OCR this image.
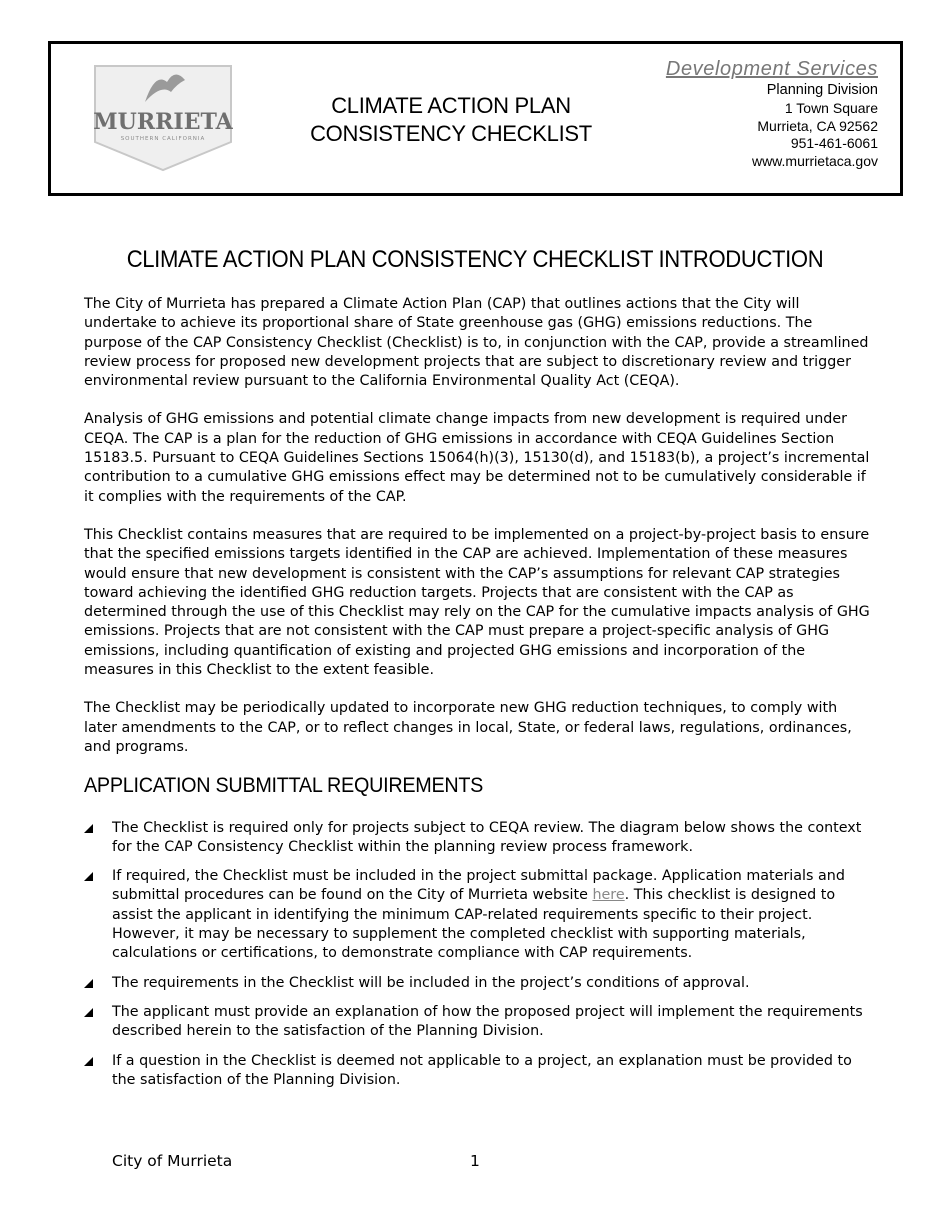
MURRIETA
SOUTHERN CALIFORNIA
CLIMATE ACTION PLAN
CONSISTENCY CHECKLIST
Development Services
Planning Division
1 Town Square
Murrieta, CA 92562
951-461-6061
www.murrietaca.gov
CLIMATE ACTION PLAN CONSISTENCY CHECKLIST INTRODUCTION

The City of Murrieta has prepared a Climate Action Plan (CAP) that outlines actions that the City will undertake to achieve its proportional share of State greenhouse gas (GHG) emissions reductions. The purpose of the CAP Consistency Checklist (Checklist) is to, in conjunction with the CAP, provide a streamlined review process for proposed new development projects that are subject to discretionary review and trigger environmental review pursuant to the California Environmental Quality Act (CEQA).

Analysis of GHG emissions and potential climate change impacts from new development is required under CEQA. The CAP is a plan for the reduction of GHG emissions in accordance with CEQA Guidelines Section 15183.5. Pursuant to CEQA Guidelines Sections 15064(h)(3), 15130(d), and 15183(b), a project’s incremental contribution to a cumulative GHG emissions effect may be determined not to be cumulatively considerable if it complies with the requirements of the CAP.

This Checklist contains measures that are required to be implemented on a project-by-project basis to ensure that the specified emissions targets identified in the CAP are achieved. Implementation of these measures would ensure that new development is consistent with the CAP’s assumptions for relevant CAP strategies toward achieving the identified GHG reduction targets. Projects that are consistent with the CAP as determined through the use of this Checklist may rely on the CAP for the cumulative impacts analysis of GHG emissions. Projects that are not consistent with the CAP must prepare a project-specific analysis of GHG emissions, including quantification of existing and projected GHG emissions and incorporation of the measures in this Checklist to the extent feasible.

The Checklist may be periodically updated to incorporate new GHG reduction techniques, to comply with later amendments to the CAP, or to reflect changes in local, State, or federal laws, regulations, ordinances, and programs.

APPLICATION SUBMITTAL REQUIREMENTS
The Checklist is required only for projects subject to CEQA review. The diagram below shows the context for the CAP Consistency Checklist within the planning review process framework.
If required, the Checklist must be included in the project submittal package. Application materials and submittal procedures can be found on the City of Murrieta website here. This checklist is designed to assist the applicant in identifying the minimum CAP-related requirements specific to their project. However, it may be necessary to supplement the completed checklist with supporting materials, calculations or certifications, to demonstrate compliance with CAP requirements.
The requirements in the Checklist will be included in the project’s conditions of approval.
The applicant must provide an explanation of how the proposed project will implement the requirements described herein to the satisfaction of the Planning Division.
If a question in the Checklist is deemed not applicable to a project, an explanation must be provided to the satisfaction of the Planning Division.
City of Murrieta	1
